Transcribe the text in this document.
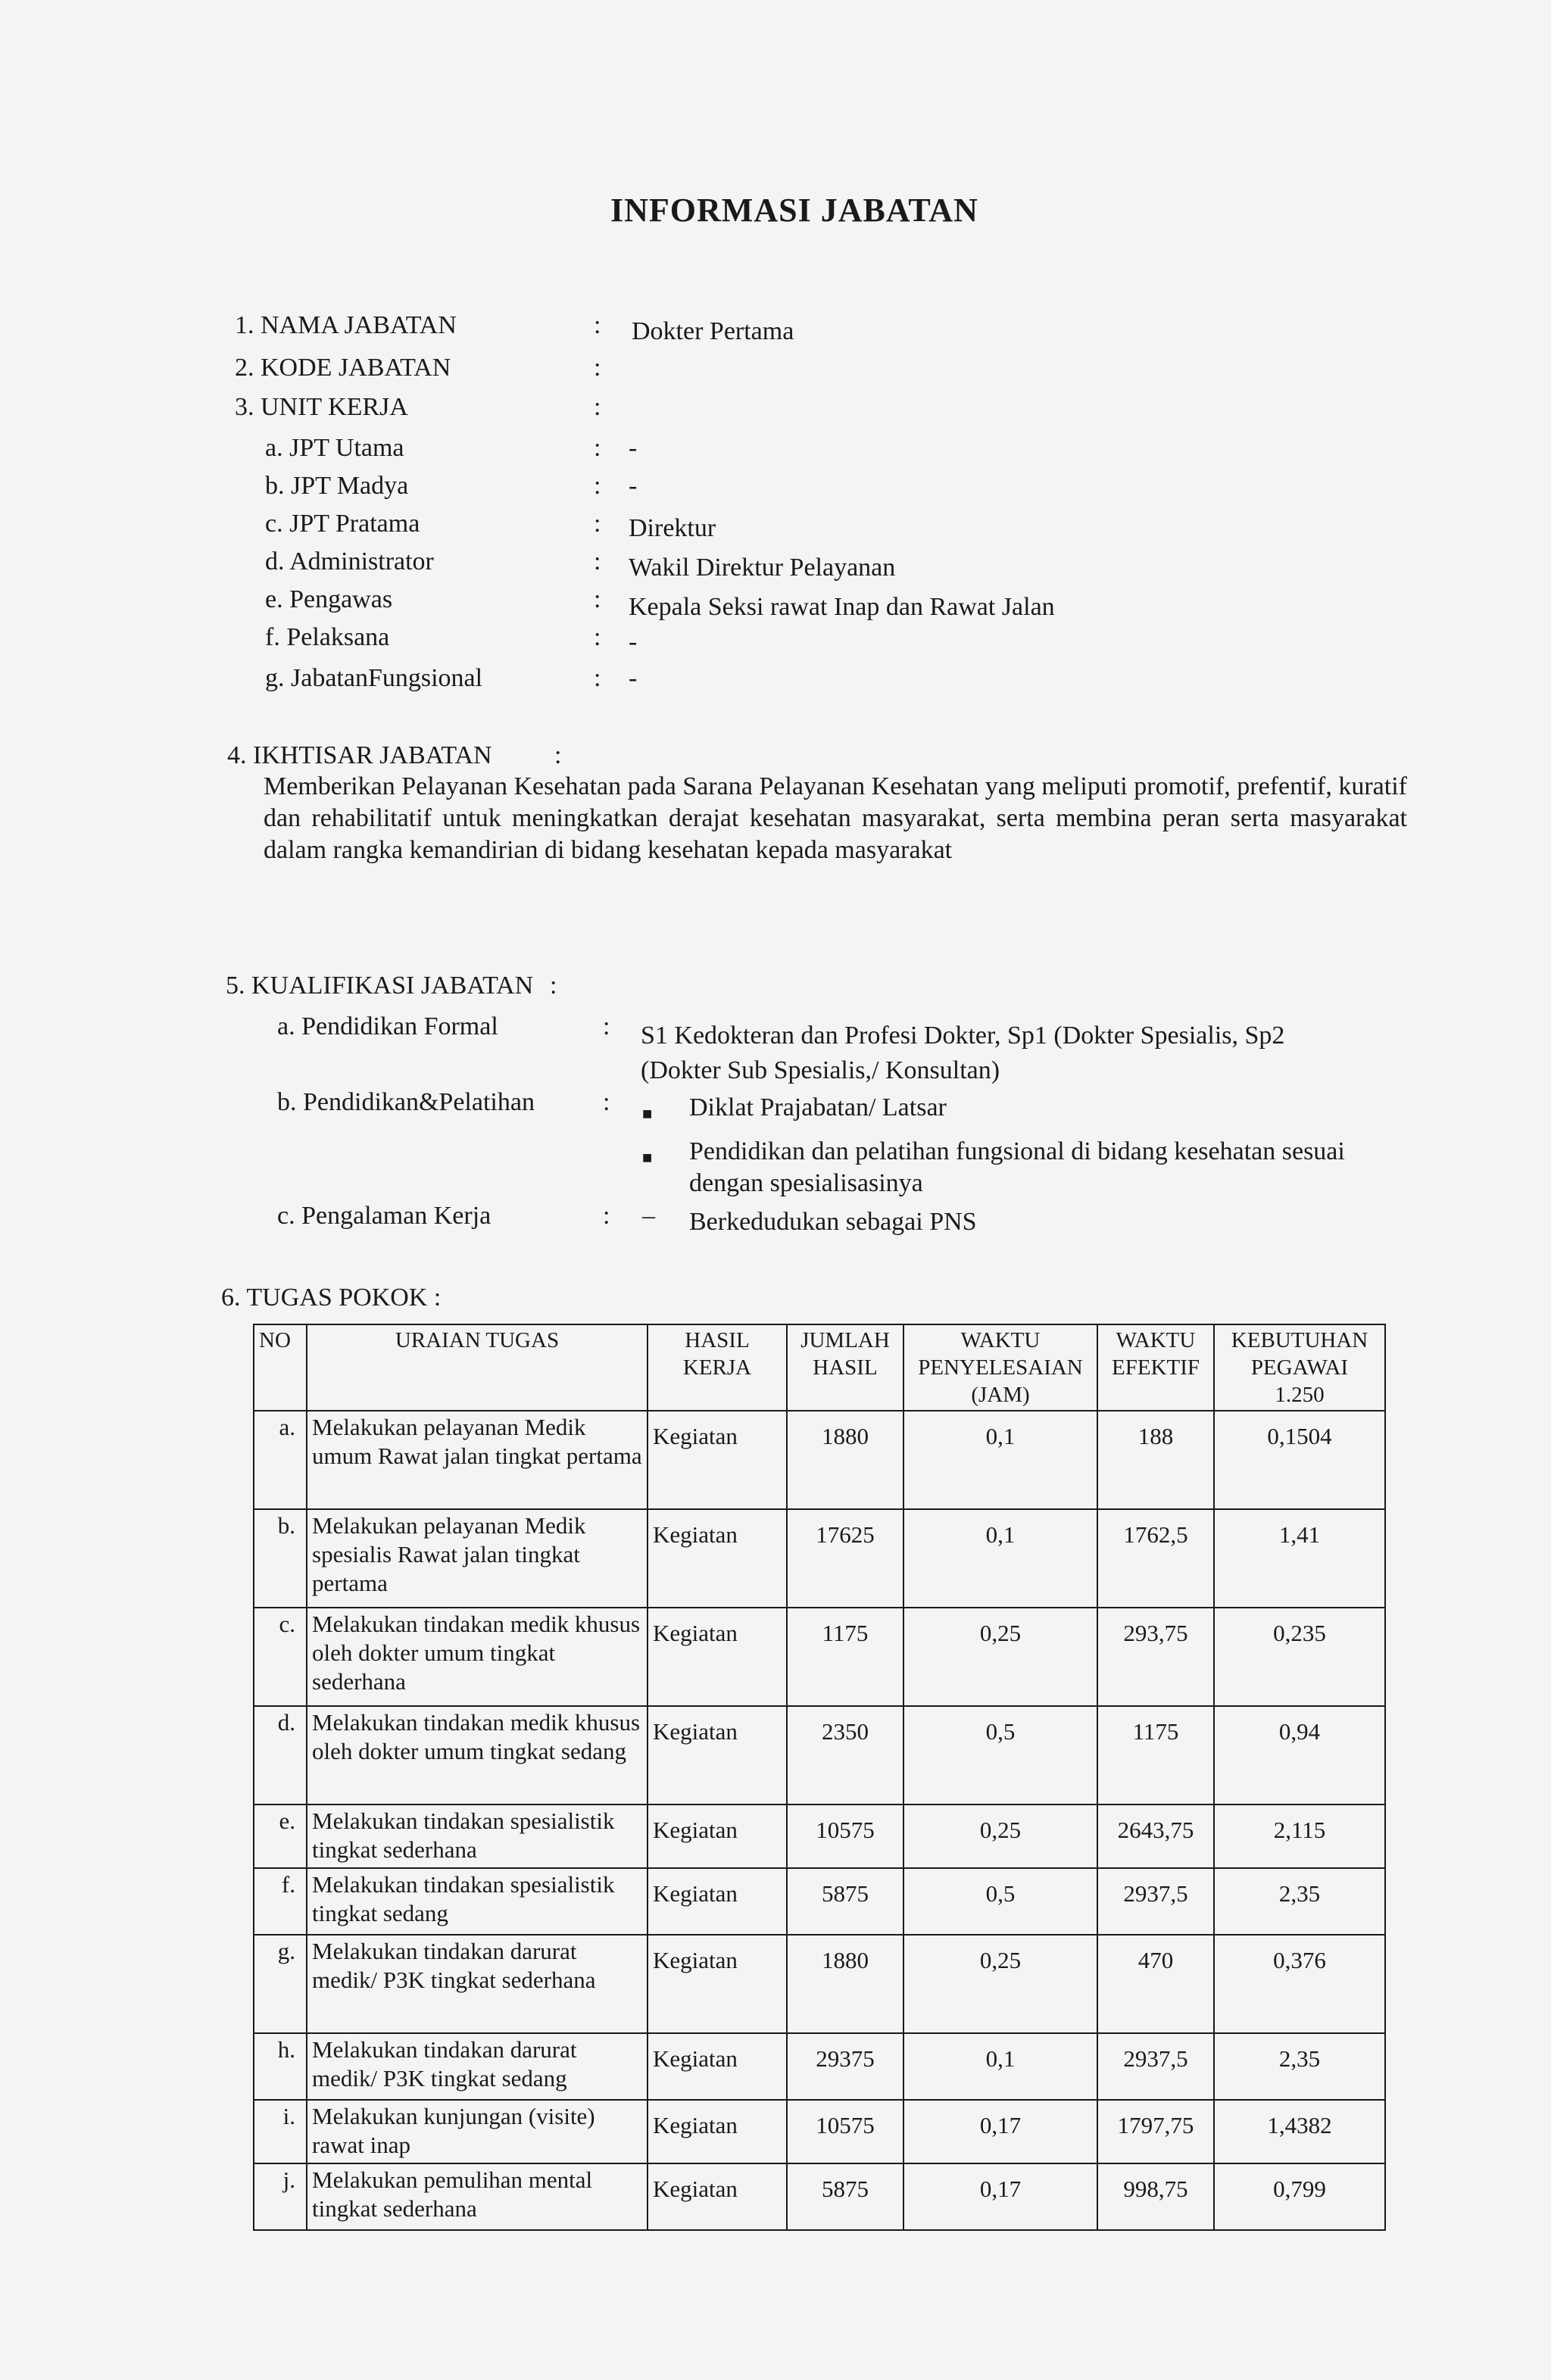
INFORMASI JABATAN
1. NAMA JABATAN	: Dokter Pertama
2. KODE JABATAN	:
3. UNIT KERJA	:
a. JPT Utama	: -
b. JPT Madya	: -
c. JPT Pratama	: Direktur
d. Administrator	: Wakil Direktur Pelayanan
e. Pengawas	: Kepala Seksi rawat Inap dan Rawat Jalan
f. Pelaksana	: -
g. JabatanFungsional	: -
4. IKHTISAR JABATAN :
Memberikan Pelayanan Kesehatan pada Sarana Pelayanan Kesehatan yang meliputi promotif, prefentif, kuratif dan rehabilitatif untuk meningkatkan derajat kesehatan masyarakat, serta membina peran serta masyarakat dalam rangka kemandirian di bidang kesehatan kepada masyarakat
5. KUALIFIKASI JABATAN :
a. Pendidikan Formal	: S1 Kedokteran dan Profesi Dokter, Sp1 (Dokter Spesialis, Sp2
(Dokter Sub Spesialis,/ Konsultan)
b. Pendidikan&Pelatihan	: ■ Diklat Prajabatan/ Latsar
■ Pendidikan dan pelatihan fungsional di bidang kesehatan sesuai dengan spesialisasinya
c. Pengalaman Kerja	: – Berkedudukan sebagai PNS
6. TUGAS POKOK :
NO	URAIAN TUGAS	HASIL KERJA	JUMLAH HASIL	WAKTU PENYELESAIAN (JAM)	WAKTU EFEKTIF	KEBUTUHAN PEGAWAI
1.250

a.	Melakukan pelayanan Medik umum Rawat jalan tingkat pertama	Kegiatan	1880	0,1	188	0,1504
b.	Melakukan pelayanan Medik spesialis Rawat jalan tingkat pertama	Kegiatan	17625	0,1	1762,5	1,41
c.	Melakukan tindakan medik khusus oleh dokter umum tingkat sederhana	Kegiatan	1175	0,25	293,75	0,235
d.	Melakukan tindakan medik khusus oleh dokter umum tingkat sedang	Kegiatan	2350	0,5	1175	0,94
e.	Melakukan tindakan spesialistik tingkat sederhana	Kegiatan	10575	0,25	2643,75	2,115
f.	Melakukan tindakan spesialistik tingkat sedang	Kegiatan	5875	0,5	2937,5	2,35
g.	Melakukan tindakan darurat medik/ P3K tingkat sederhana	Kegiatan	1880	0,25	470	0,376
h.	Melakukan tindakan darurat medik/ P3K tingkat sedang	Kegiatan	29375	0,1	2937,5	2,35
i.	Melakukan kunjungan (visite) rawat inap	Kegiatan	10575	0,17	1797,75	1,4382
j.	Melakukan pemulihan mental tingkat sederhana	Kegiatan	5875	0,17	998,75	0,799
